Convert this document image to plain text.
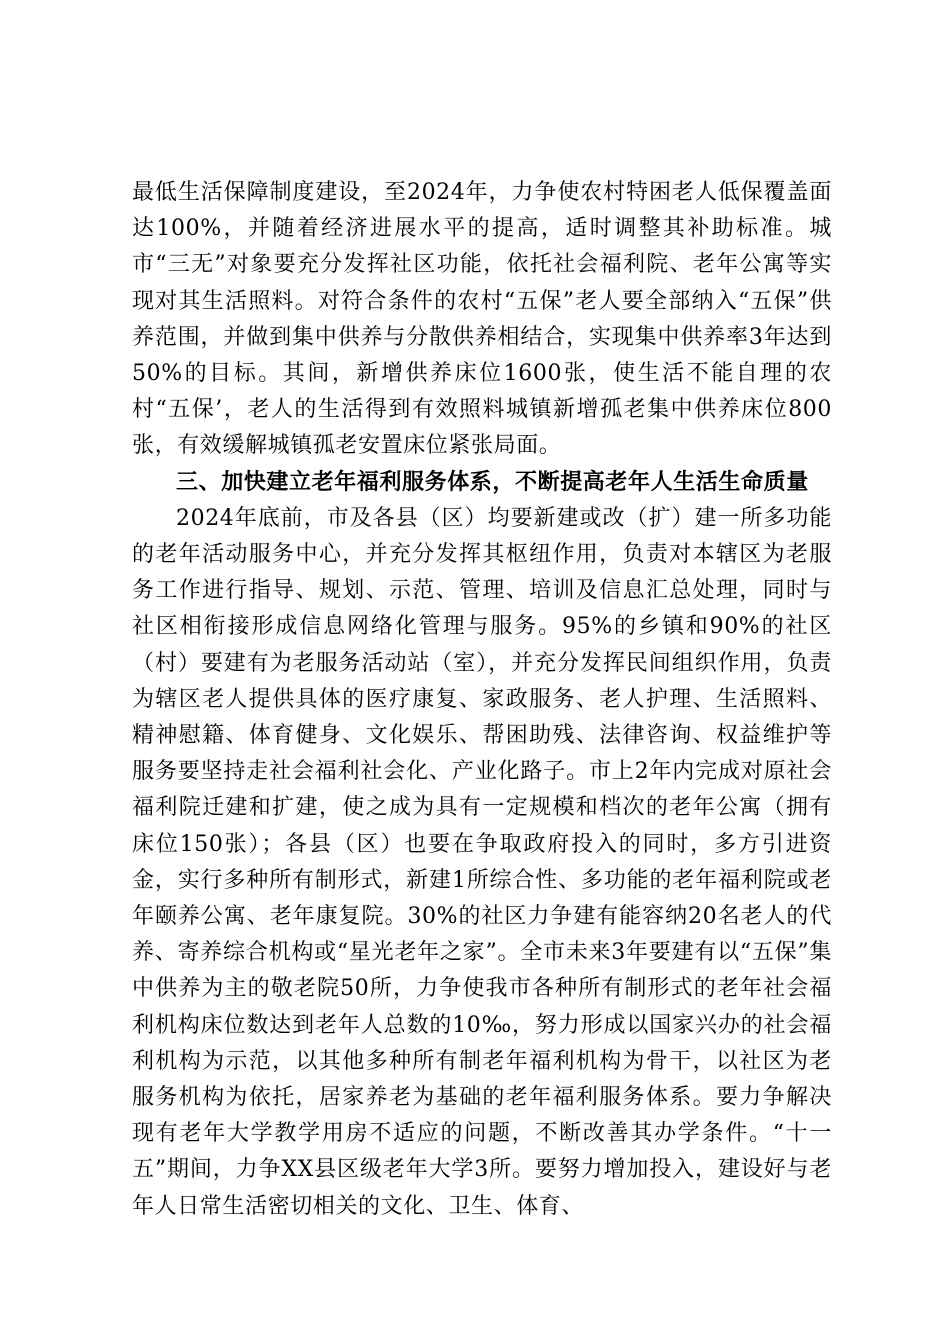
最低生活保障制度建设，至2024年，力争使农村特困老人低保覆盖面达100%，并随着经济进展水平的提高，适时调整其补助标准。城市“三无”对象要充分发挥社区功能，依托社会福利院、老年公寓等实现对其生活照料。对符合条件的农村“五保”老人要全部纳入“五保”供养范围，并做到集中供养与分散供养相结合，实现集中供养率3年达到50%的目标。其间，新增供养床位1600张，使生活不能自理的农村“五保’，老人的生活得到有效照料城镇新增孤老集中供养床位800张，有效缓解城镇孤老安置床位紧张局面。

三、加快建立老年福利服务体系，不断提高老年人生活生命质量

2024年底前，市及各县（区）均要新建或改（扩）建一所多功能的老年活动服务中心，并充分发挥其枢纽作用，负责对本辖区为老服务工作进行指导、规划、示范、管理、培训及信息汇总处理，同时与社区相衔接形成信息网络化管理与服务。95%的乡镇和90%的社区（村）要建有为老服务活动站（室），并充分发挥民间组织作用，负责为辖区老人提供具体的医疗康复、家政服务、老人护理、生活照料、精神慰籍、体育健身、文化娱乐、帮困助残、法律咨询、权益维护等服务要坚持走社会福利社会化、产业化路子。市上2年内完成对原社会福利院迁建和扩建，使之成为具有一定规模和档次的老年公寓（拥有床位150张）；各县（区）也要在争取政府投入的同时，多方引进资金，实行多种所有制形式，新建1所综合性、多功能的老年福利院或老年颐养公寓、老年康复院。30%的社区力争建有能容纳20名老人的代养、寄养综合机构或“星光老年之家”。全市未来3年要建有以“五保”集中供养为主的敬老院50所，力争使我市各种所有制形式的老年社会福利机构床位数达到老年人总数的10‰，努力形成以国家兴办的社会福利机构为示范，以其他多种所有制老年福利机构为骨干，以社区为老服务机构为依托，居家养老为基础的老年福利服务体系。要力争解决现有老年大学教学用房不适应的问题，不断改善其办学条件。“十一五”期间，力争XX县区级老年大学3所。要努力增加投入，建设好与老年人日常生活密切相关的文化、卫生、体育、
